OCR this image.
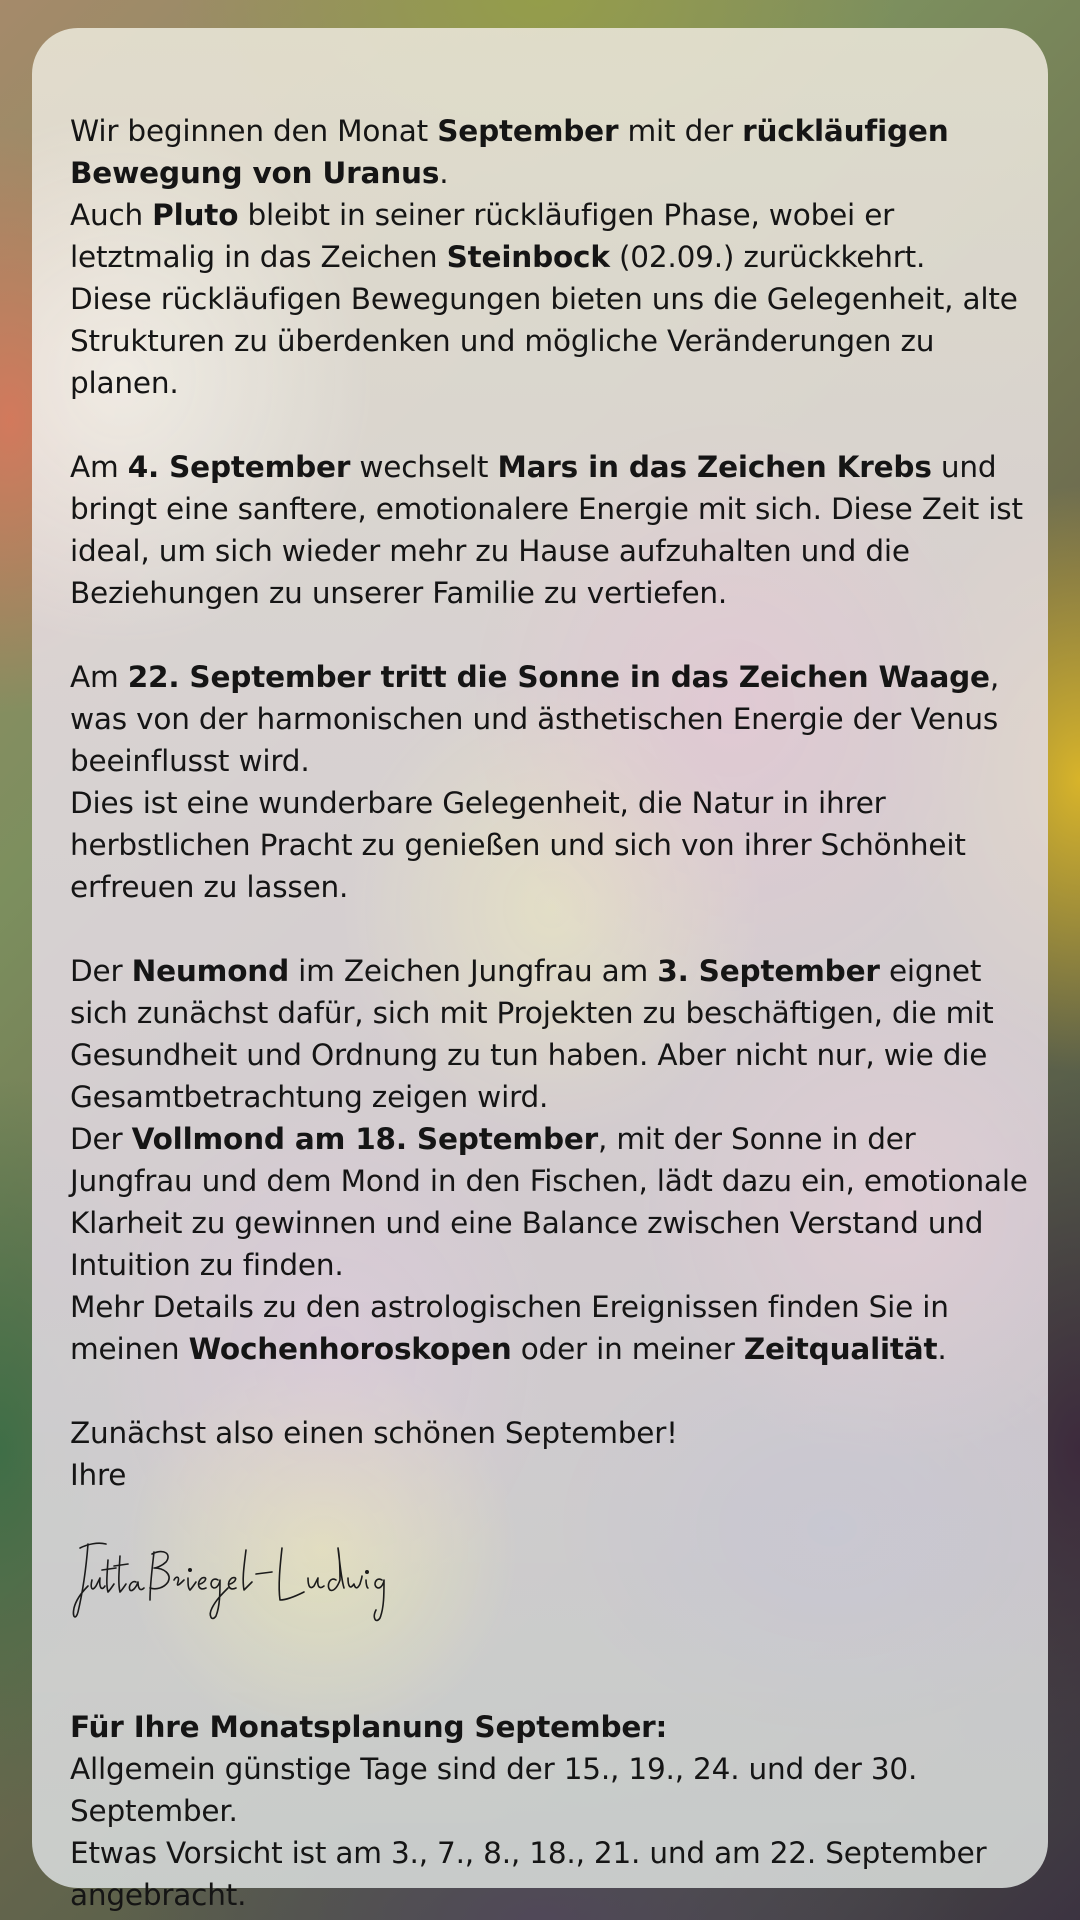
Wir beginnen den Monat September mit der rückläufigen Bewegung von Uranus.

Auch Pluto bleibt in seiner rückläufigen Phase, wobei er letztmalig in das Zeichen Steinbock (02.09.) zurückkehrt.

Diese rückläufigen Bewegungen bieten uns die Gelegenheit, alte Strukturen zu überdenken und mögliche Veränderungen zu planen.

Am 4. September wechselt Mars in das Zeichen Krebs und bringt eine sanftere, emotionalere Energie mit sich. Diese Zeit ist ideal, um sich wieder mehr zu Hause aufzuhalten und die Beziehungen zu unserer Familie zu vertiefen.

Am 22. September tritt die Sonne in das Zeichen Waage, was von der harmonischen und ästhetischen Energie der Venus beeinflusst wird.

Dies ist eine wunderbare Gelegenheit, die Natur in ihrer herbstlichen Pracht zu genießen und sich von ihrer Schönheit erfreuen zu lassen.

Der Neumond im Zeichen Jungfrau am 3. September eignet sich zunächst dafür, sich mit Projekten zu beschäftigen, die mit Gesundheit und Ordnung zu tun haben. Aber nicht nur, wie die Gesamtbetrachtung zeigen wird.

Der Vollmond am 18. September, mit der Sonne in der Jungfrau und dem Mond in den Fischen, lädt dazu ein, emotionale Klarheit zu gewinnen und eine Balance zwischen Verstand und Intuition zu finden.

Mehr Details zu den astrologischen Ereignissen finden Sie in meinen Wochenhoroskopen oder in meiner Zeitqualität.

Zunächst also einen schönen September!

Ihre

Für Ihre Monatsplanung September:

Allgemein günstige Tage sind der 15., 19., 24. und der 30. September.

Etwas Vorsicht ist am 3., 7., 8., 18., 21. und am 22. September angebracht.
